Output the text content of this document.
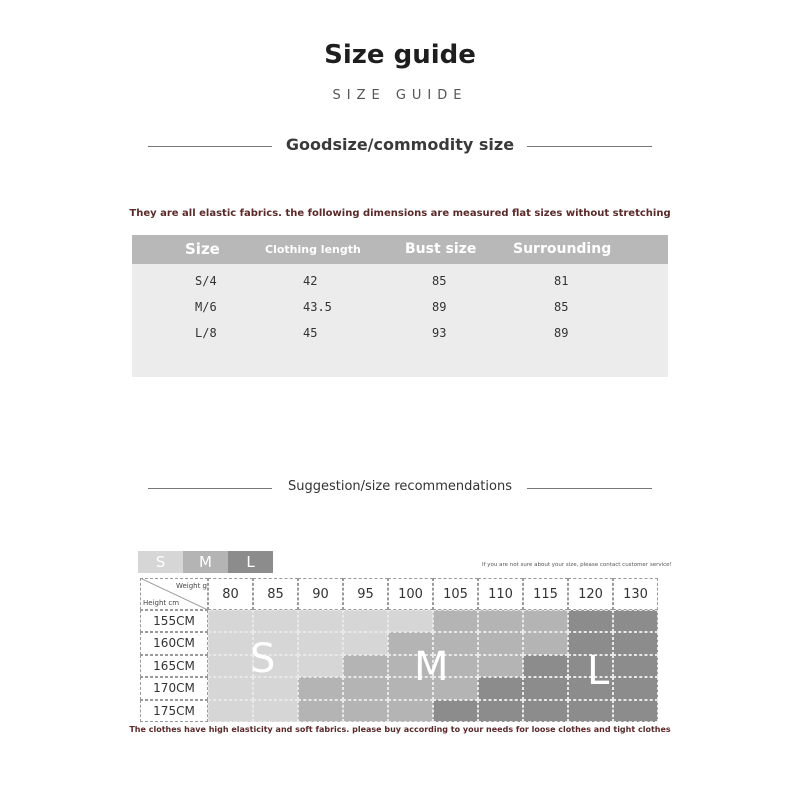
Size guide
SIZE GUIDE
Goodsize/commodity size
They are all elastic fabrics. the following dimensions are measured flat sizes without stretching
Size	Clothing length	Bust size	Surrounding
S/4	42	85	81
M/6	43.5	89	85
L/8	45	93	89
Suggestion/size recommendations
S	M	L	If you are not sure about your size, please contact customer service!
Weight g
Height cm
80	85	90	95	100	105	110	115	120	130
155CM
160CM
165CM
170CM
175CM
S	M	L
The clothes have high elasticity and soft fabrics. please buy according to your needs for loose clothes and tight clothes
